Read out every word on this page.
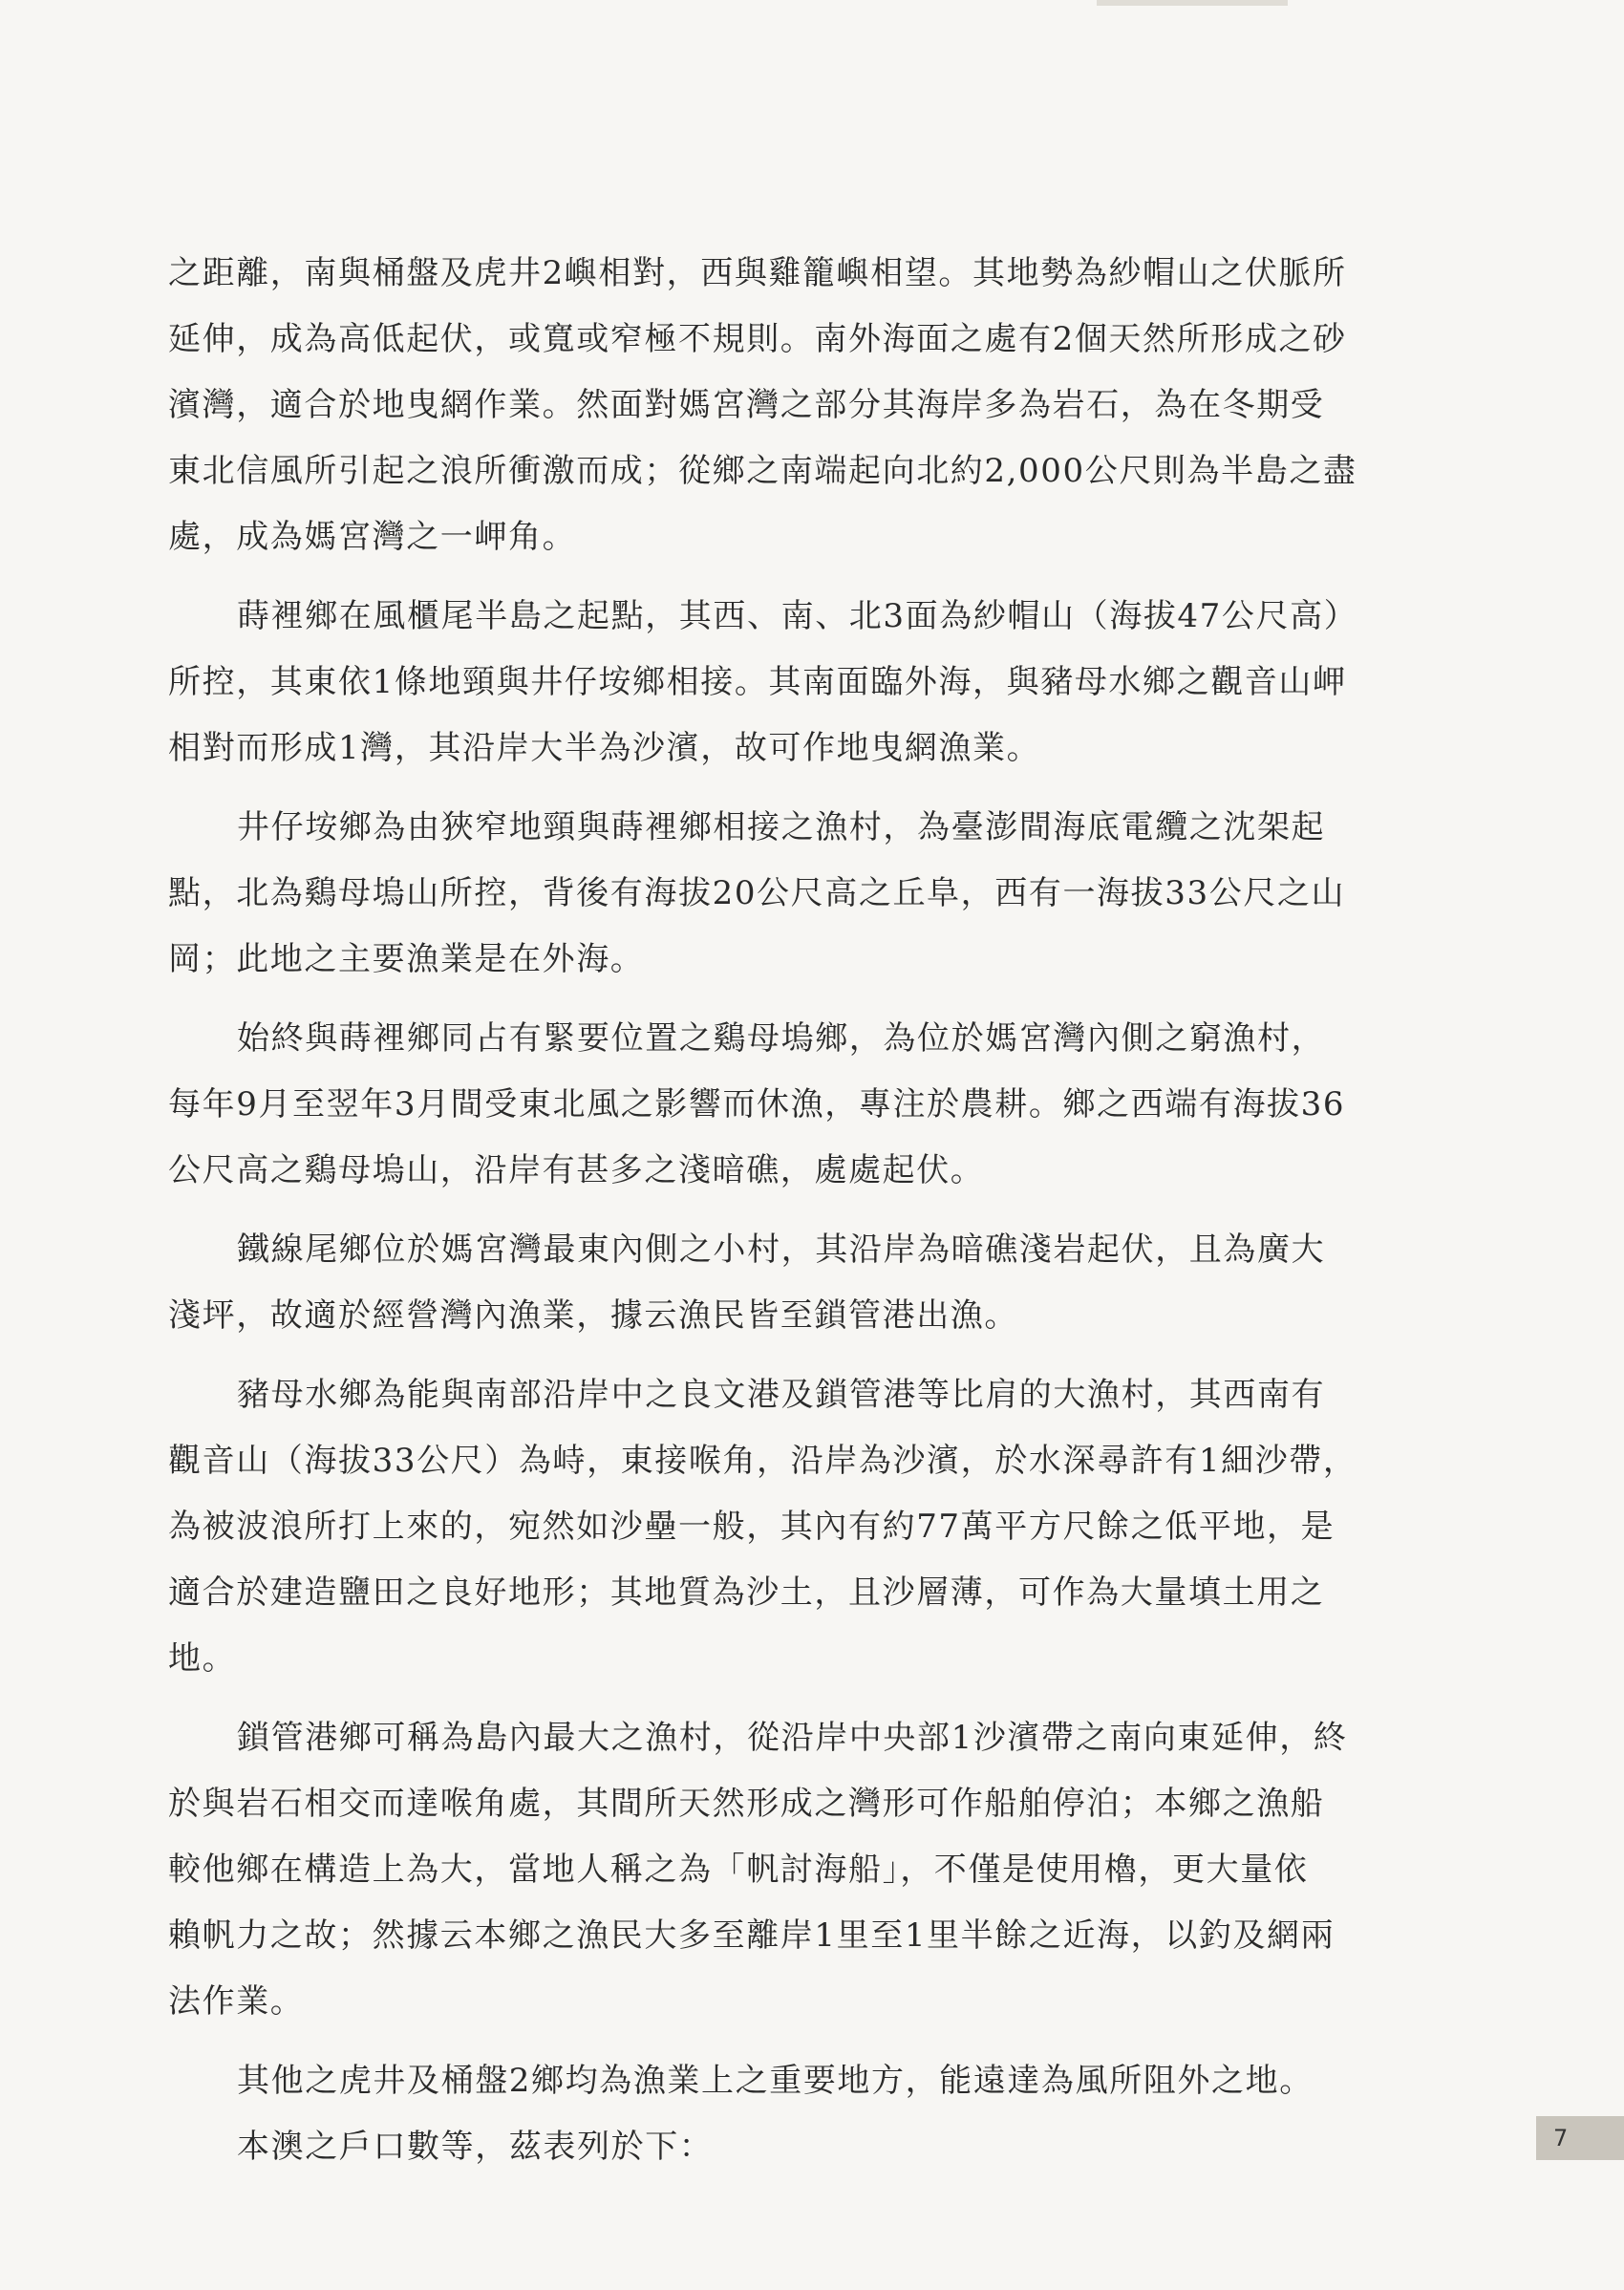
之距離，南與桶盤及虎井2嶼相對，西與雞籠嶼相望。其地勢為紗帽山之伏脈所
延伸，成為高低起伏，或寬或窄極不規則。南外海面之處有2個天然所形成之砂
濱灣，適合於地曳網作業。然面對媽宮灣之部分其海岸多為岩石，為在冬期受
東北信風所引起之浪所衝激而成；從鄉之南端起向北約2,000公尺則為半島之盡
處，成為媽宮灣之一岬角。
蒔裡鄉在風櫃尾半島之起點，其西、南、北3面為紗帽山（海拔47公尺高）
所控，其東依1條地頸與井仔垵鄉相接。其南面臨外海，與豬母水鄉之觀音山岬
相對而形成1灣，其沿岸大半為沙濱，故可作地曳網漁業。
井仔垵鄉為由狹窄地頸與蒔裡鄉相接之漁村，為臺澎間海底電纜之沈架起
點，北為鷄母塢山所控，背後有海拔20公尺高之丘阜，西有一海拔33公尺之山
岡；此地之主要漁業是在外海。
始終與蒔裡鄉同占有緊要位置之鷄母塢鄉，為位於媽宮灣內側之窮漁村，
每年9月至翌年3月間受東北風之影響而休漁，專注於農耕。鄉之西端有海拔36
公尺高之鷄母塢山，沿岸有甚多之淺暗礁，處處起伏。
鐵線尾鄉位於媽宮灣最東內側之小村，其沿岸為暗礁淺岩起伏，且為廣大
淺坪，故適於經營灣內漁業，據云漁民皆至鎖管港出漁。
豬母水鄉為能與南部沿岸中之良文港及鎖管港等比肩的大漁村，其西南有
觀音山（海拔33公尺）為峙，東接喉角，沿岸為沙濱，於水深尋許有1細沙帶，
為被波浪所打上來的，宛然如沙壘一般，其內有約77萬平方尺餘之低平地，是
適合於建造鹽田之良好地形；其地質為沙土，且沙層薄，可作為大量填土用之
地。
鎖管港鄉可稱為島內最大之漁村，從沿岸中央部1沙濱帶之南向東延伸，終
於與岩石相交而達喉角處，其間所天然形成之灣形可作船舶停泊；本鄉之漁船
較他鄉在構造上為大，當地人稱之為「帆討海船」，不僅是使用櫓，更大量依
賴帆力之故；然據云本鄉之漁民大多至離岸1里至1里半餘之近海，以釣及網兩
法作業。
其他之虎井及桶盤2鄉均為漁業上之重要地方，能遠達為風所阻外之地。
本澳之戶口數等，茲表列於下：	7
